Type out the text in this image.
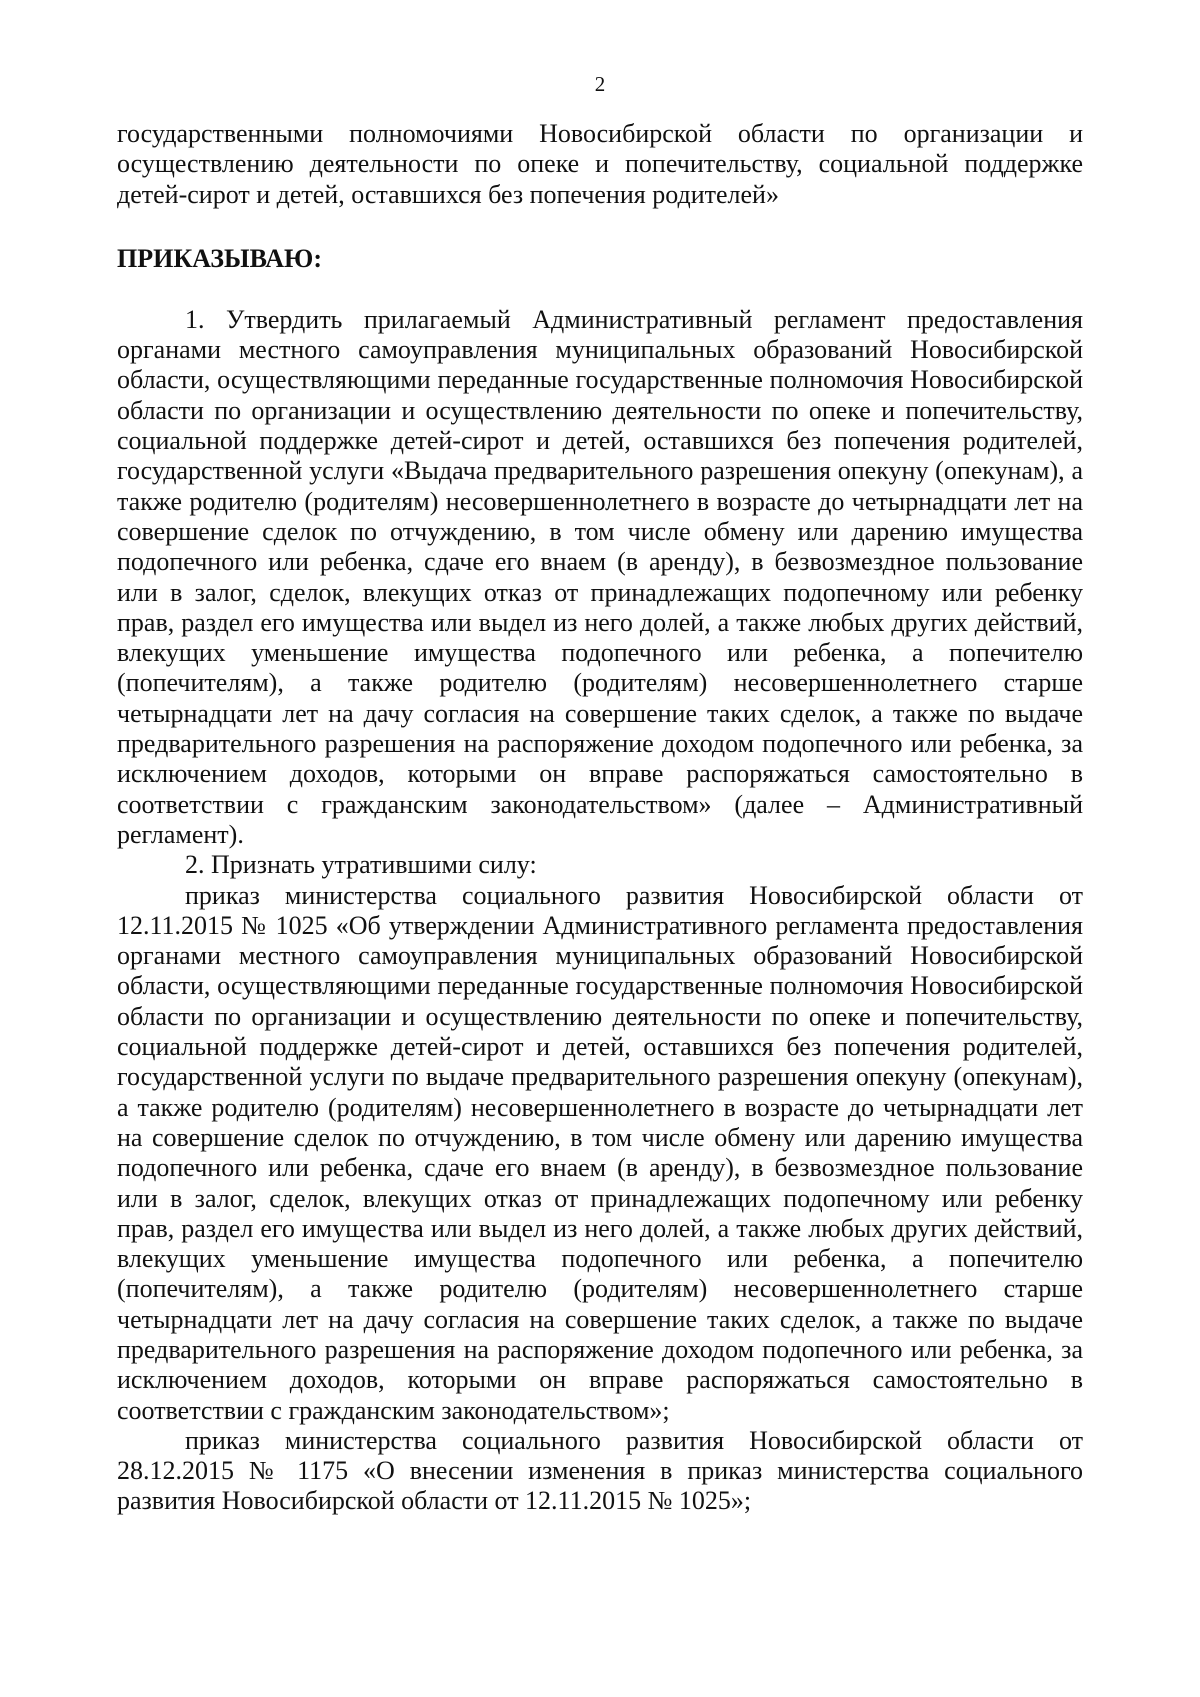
2

государственными полномочиями Новосибирской области по организации и осуществлению деятельности по опеке и попечительству, социальной поддержке детей-сирот и детей, оставшихся без попечения родителей»

ПРИКАЗЫВАЮ:

1. Утвердить прилагаемый Административный регламент предоставления органами местного самоуправления муниципальных образований Новосибирской области, осуществляющими переданные государственные полномочия Новосибирской области по организации и осуществлению деятельности по опеке и попечительству, социальной поддержке детей-сирот и детей, оставшихся без попечения родителей, государственной услуги «Выдача предварительного разрешения опекуну (опекунам), а также родителю (родителям) несовершеннолетнего в возрасте до четырнадцати лет на совершение сделок по отчуждению, в том числе обмену или дарению имущества подопечного или ребенка, сдаче его внаем (в аренду), в безвозмездное пользование или в залог, сделок, влекущих отказ от принадлежащих подопечному или ребенку прав, раздел его имущества или выдел из него долей, а также любых других действий, влекущих уменьшение имущества подопечного или ребенка, а попечителю (попечителям), а также родителю (родителям) несовершеннолетнего старше четырнадцати лет на дачу согласия на совершение таких сделок, а также по выдаче предварительного разрешения на распоряжение доходом подопечного или ребенка, за исключением доходов, которыми он вправе распоряжаться самостоятельно в соответствии с гражданским законодательством» (далее – Административный регламент).

2. Признать утратившими силу:

приказ министерства социального развития Новосибирской области от 12.11.2015 № 1025 «Об утверждении Административного регламента предоставления органами местного самоуправления муниципальных образований Новосибирской области, осуществляющими переданные государственные полномочия Новосибирской области по организации и осуществлению деятельности по опеке и попечительству, социальной поддержке детей-сирот и детей, оставшихся без попечения родителей, государственной услуги по выдаче предварительного разрешения опекуну (опекунам), а также родителю (родителям) несовершеннолетнего в возрасте до четырнадцати лет на совершение сделок по отчуждению, в том числе обмену или дарению имущества подопечного или ребенка, сдаче его внаем (в аренду), в безвозмездное пользование или в залог, сделок, влекущих отказ от принадлежащих подопечному или ребенку прав, раздел его имущества или выдел из него долей, а также любых других действий, влекущих уменьшение имущества подопечного или ребенка, а попечителю (попечителям), а также родителю (родителям) несовершеннолетнего старше четырнадцати лет на дачу согласия на совершение таких сделок, а также по выдаче предварительного разрешения на распоряжение доходом подопечного или ребенка, за исключением доходов, которыми он вправе распоряжаться самостоятельно в соответствии с гражданским законодательством»;

приказ министерства социального развития Новосибирской области от 28.12.2015 № 1175 «О внесении изменения в приказ министерства социального развития Новосибирской области от 12.11.2015 № 1025»;
